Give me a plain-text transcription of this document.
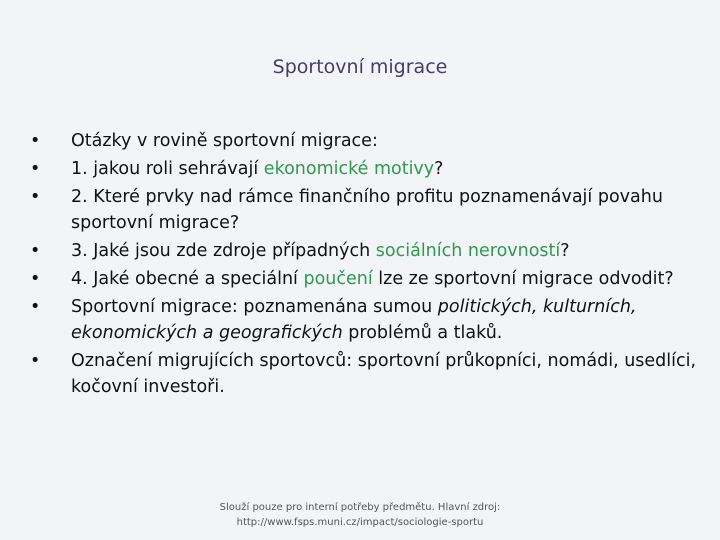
Sportovní migrace
• Otázky v rovině sportovní migrace:
• 1. jakou roli sehrávají ekonomické motivy?
• 2. Které prvky nad rámce finančního profitu poznamenávají povahu sportovní migrace?
• 3. Jaké jsou zde zdroje případných sociálních nerovností?
• 4. Jaké obecné a speciální poučení lze ze sportovní migrace odvodit?
• Sportovní migrace: poznamenána sumou politických, kulturních, ekonomických a geografických problémů a tlaků.
• Označení migrujících sportovců: sportovní průkopníci, nomádi, usedlíci, kočovní investoři.
Slouží pouze pro interní potřeby předmětu. Hlavní zdroj:
http://www.fsps.muni.cz/impact/sociologie-sportu
